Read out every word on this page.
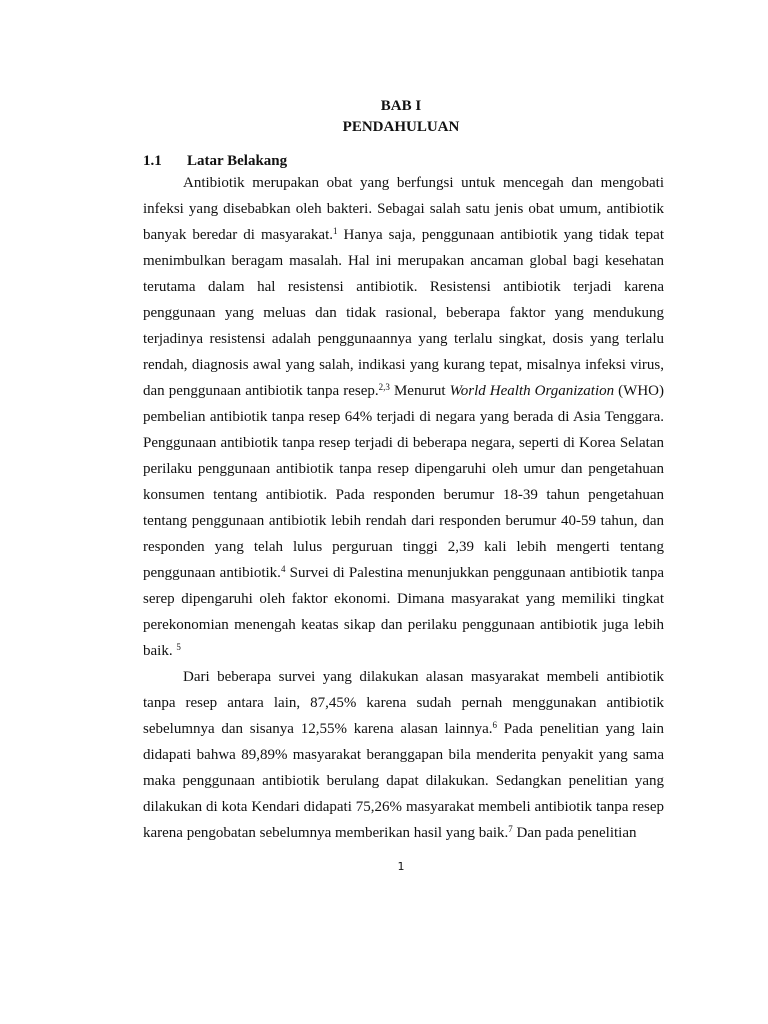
BAB I
PENDAHULUAN
1.1 Latar Belakang

Antibiotik merupakan obat yang berfungsi untuk mencegah dan mengobati infeksi yang disebabkan oleh bakteri. Sebagai salah satu jenis obat umum, antibiotik banyak beredar di masyarakat.$^1$ Hanya saja, penggunaan antibiotik yang tidak tepat menimbulkan beragam masalah. Hal ini merupakan ancaman global bagi kesehatan terutama dalam hal resistensi antibiotik. Resistensi antibiotik terjadi karena penggunaan yang meluas dan tidak rasional, beberapa faktor yang mendukung terjadinya resistensi adalah penggunaannya yang terlalu singkat, dosis yang terlalu rendah, diagnosis awal yang salah, indikasi yang kurang tepat, misalnya infeksi virus, dan penggunaan antibiotik tanpa resep.$^{2,3}$ Menurut World Health Organization (WHO) pembelian antibiotik tanpa resep 64% terjadi di negara yang berada di Asia Tenggara. Penggunaan antibiotik tanpa resep terjadi di beberapa negara, seperti di Korea Selatan perilaku penggunaan antibiotik tanpa resep dipengaruhi oleh umur dan pengetahuan konsumen tentang antibiotik. Pada responden berumur 18-39 tahun pengetahuan tentang penggunaan antibiotik lebih rendah dari responden berumur 40-59 tahun, dan responden yang telah lulus perguruan tinggi 2,39 kali lebih mengerti tentang penggunaan antibiotik.$^4$ Survei di Palestina menunjukkan penggunaan antibiotik tanpa serep dipengaruhi oleh faktor ekonomi. Dimana masyarakat yang memiliki tingkat perekonomian menengah keatas sikap dan perilaku penggunaan antibiotik juga lebih baik. $^5$

Dari beberapa survei yang dilakukan alasan masyarakat membeli antibiotik tanpa resep antara lain, 87,45% karena sudah pernah menggunakan antibiotik sebelumnya dan sisanya 12,55% karena alasan lainnya.$^6$ Pada penelitian yang lain didapati bahwa 89,89% masyarakat beranggapan bila menderita penyakit yang sama maka penggunaan antibiotik berulang dapat dilakukan. Sedangkan penelitian yang dilakukan di kota Kendari didapati 75,26% masyarakat membeli antibiotik tanpa resep karena pengobatan sebelumnya memberikan hasil yang baik.$^7$ Dan pada penelitian

1
